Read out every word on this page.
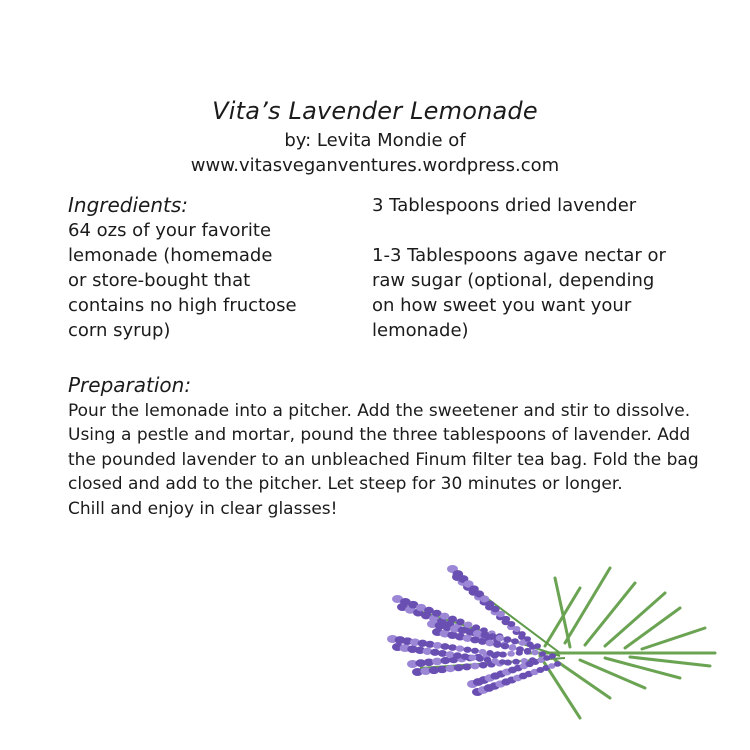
Vita’s Lavender Lemonade
by: Levita Mondie of
www.vitasveganventures.wordpress.com
Ingredients:
64 ozs of your favorite
lemonade (homemade
or store-bought that
contains no high fructose
corn syrup)
3 Tablespoons dried lavender
1-3 Tablespoons agave nectar or
raw sugar (optional, depending
on how sweet you want your
lemonade)
Preparation:
Pour the lemonade into a pitcher. Add the sweetener and stir to dissolve.
Using a pestle and mortar, pound the three tablespoons of lavender. Add
the pounded lavender to an unbleached Finum filter tea bag. Fold the bag
closed and add to the pitcher. Let steep for 30 minutes or longer.
Chill and enjoy in clear glasses!
